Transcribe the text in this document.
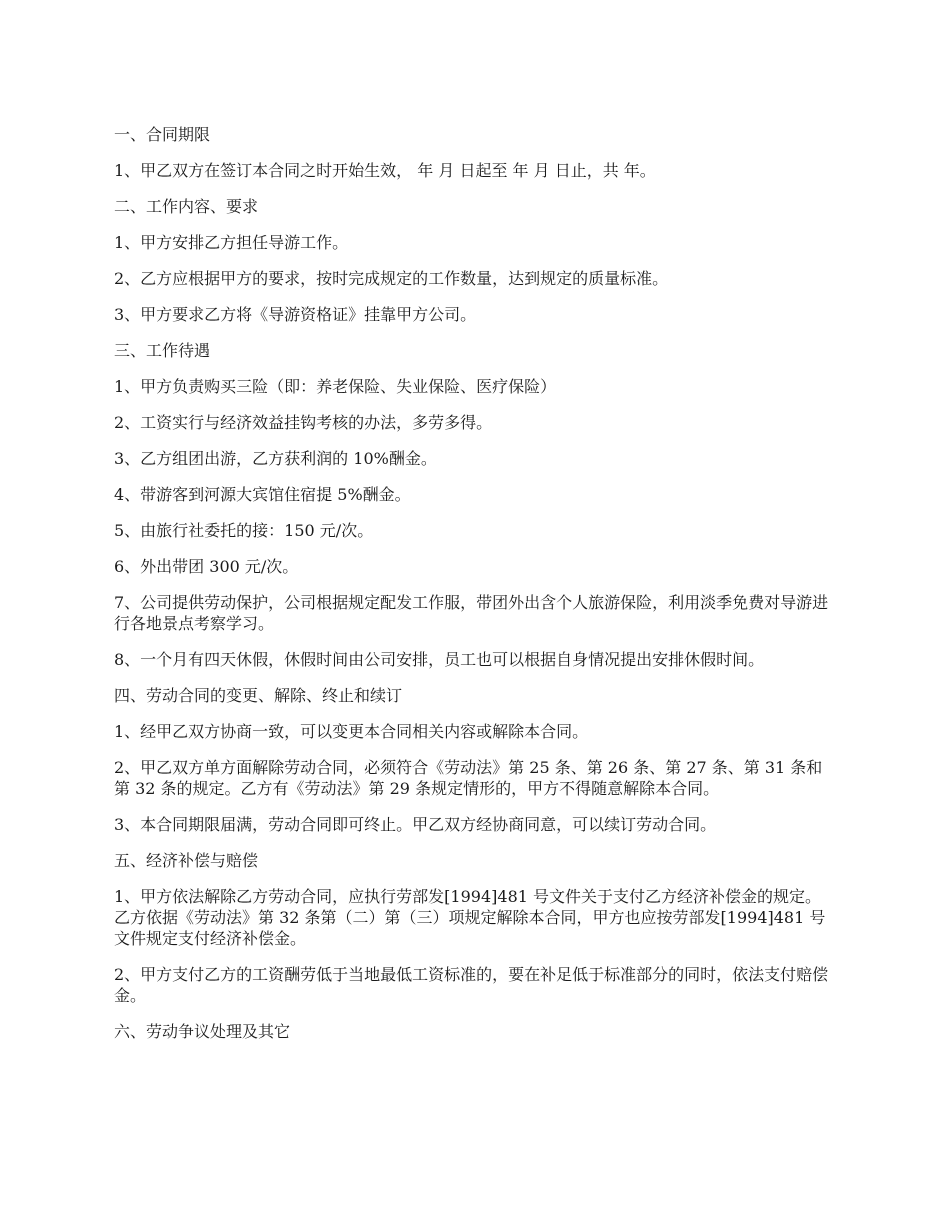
一、合同期限

1、甲乙双方在签订本合同之时开始生效， 年 月 日起至 年 月 日止，共 年。

二、工作内容、要求

1、甲方安排乙方担任导游工作。

2、乙方应根据甲方的要求，按时完成规定的工作数量，达到规定的质量标准。

3、甲方要求乙方将《导游资格证》挂靠甲方公司。

三、工作待遇

1、甲方负责购买三险（即：养老保险、失业保险、医疗保险）

2、工资实行与经济效益挂钩考核的办法，多劳多得。

3、乙方组团出游，乙方获利润的 10%酬金。

4、带游客到河源大宾馆住宿提 5%酬金。

5、由旅行社委托的接：150 元/次。

6、外出带团 300 元/次。

7、公司提供劳动保护，公司根据规定配发工作服，带团外出含个人旅游保险，利用淡季免费对导游进行各地景点考察学习。

8、一个月有四天休假，休假时间由公司安排，员工也可以根据自身情况提出安排休假时间。

四、劳动合同的变更、解除、终止和续订

1、经甲乙双方协商一致，可以变更本合同相关内容或解除本合同。

2、甲乙双方单方面解除劳动合同，必须符合《劳动法》第 25 条、第 26 条、第 27 条、第 31 条和第 32 条的规定。乙方有《劳动法》第 29 条规定情形的，甲方不得随意解除本合同。

3、本合同期限届满，劳动合同即可终止。甲乙双方经协商同意，可以续订劳动合同。

五、经济补偿与赔偿

1、甲方依法解除乙方劳动合同，应执行劳部发[1994]481 号文件关于支付乙方经济补偿金的规定。乙方依据《劳动法》第 32 条第（二）第（三）项规定解除本合同，甲方也应按劳部发[1994]481 号文件规定支付经济补偿金。

2、甲方支付乙方的工资酬劳低于当地最低工资标准的，要在补足低于标准部分的同时，依法支付赔偿金。

六、劳动争议处理及其它
